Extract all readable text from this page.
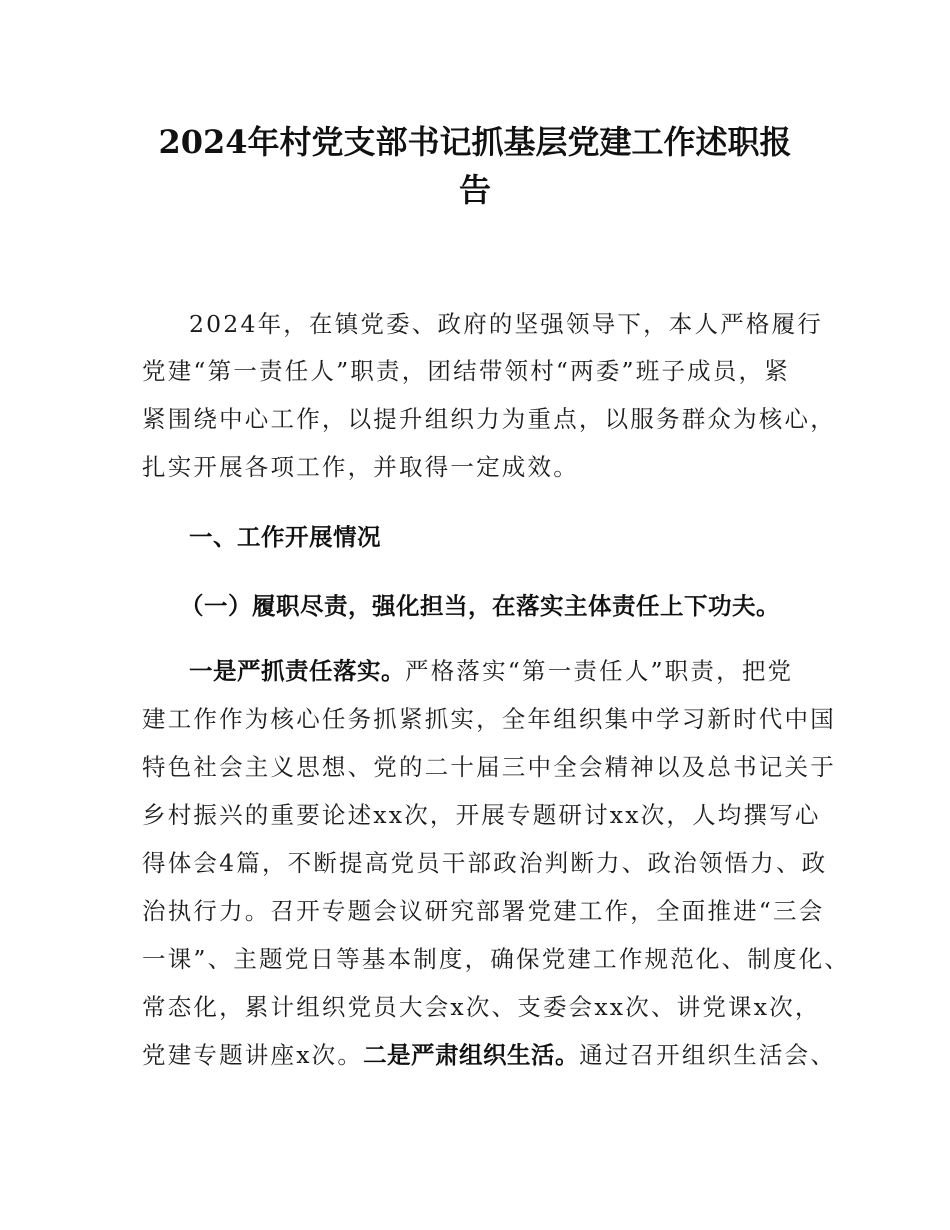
2024年村党支部书记抓基层党建工作述职报
告
2024年，在镇党委、政府的坚强领导下，本人严格履行
党建“第一责任人”职责，团结带领村“两委”班子成员，紧
紧围绕中心工作，以提升组织力为重点，以服务群众为核心，
扎实开展各项工作，并取得一定成效。
一、工作开展情况
（一）履职尽责，强化担当，在落实主体责任上下功夫。
一是严抓责任落实。严格落实“第一责任人”职责，把党
建工作作为核心任务抓紧抓实，全年组织集中学习新时代中国
特色社会主义思想、党的二十届三中全会精神以及总书记关于
乡村振兴的重要论述xx次，开展专题研讨xx次，人均撰写心
得体会4篇，不断提高党员干部政治判断力、政治领悟力、政
治执行力。召开专题会议研究部署党建工作，全面推进“三会
一课”、主题党日等基本制度，确保党建工作规范化、制度化、
常态化，累计组织党员大会x次、支委会xx次、讲党课x次，
党建专题讲座x次。二是严肃组织生活。通过召开组织生活会、
